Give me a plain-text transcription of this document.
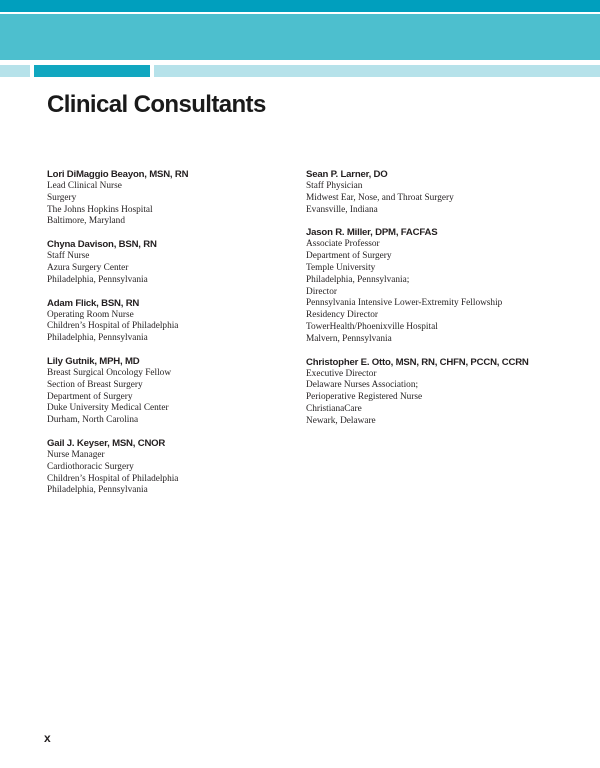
Clinical Consultants
Lori DiMaggio Beayon, MSN, RN
Lead Clinical Nurse
Surgery
The Johns Hopkins Hospital
Baltimore, Maryland
Chyna Davison, BSN, RN
Staff Nurse
Azura Surgery Center
Philadelphia, Pennsylvania
Adam Flick, BSN, RN
Operating Room Nurse
Children’s Hospital of Philadelphia
Philadelphia, Pennsylvania
Lily Gutnik, MPH, MD
Breast Surgical Oncology Fellow
Section of Breast Surgery
Department of Surgery
Duke University Medical Center
Durham, North Carolina
Gail J. Keyser, MSN, CNOR
Nurse Manager
Cardiothoracic Surgery
Children’s Hospital of Philadelphia
Philadelphia, Pennsylvania
Sean P. Larner, DO
Staff Physician
Midwest Ear, Nose, and Throat Surgery
Evansville, Indiana
Jason R. Miller, DPM, FACFAS
Associate Professor
Department of Surgery
Temple University
Philadelphia, Pennsylvania;
Director
Pennsylvania Intensive Lower-Extremity Fellowship
Residency Director
TowerHealth/Phoenixville Hospital
Malvern, Pennsylvania
Christopher E. Otto, MSN, RN, CHFN, PCCN, CCRN
Executive Director
Delaware Nurses Association;
Perioperative Registered Nurse
ChristianaCare
Newark, Delaware
x
